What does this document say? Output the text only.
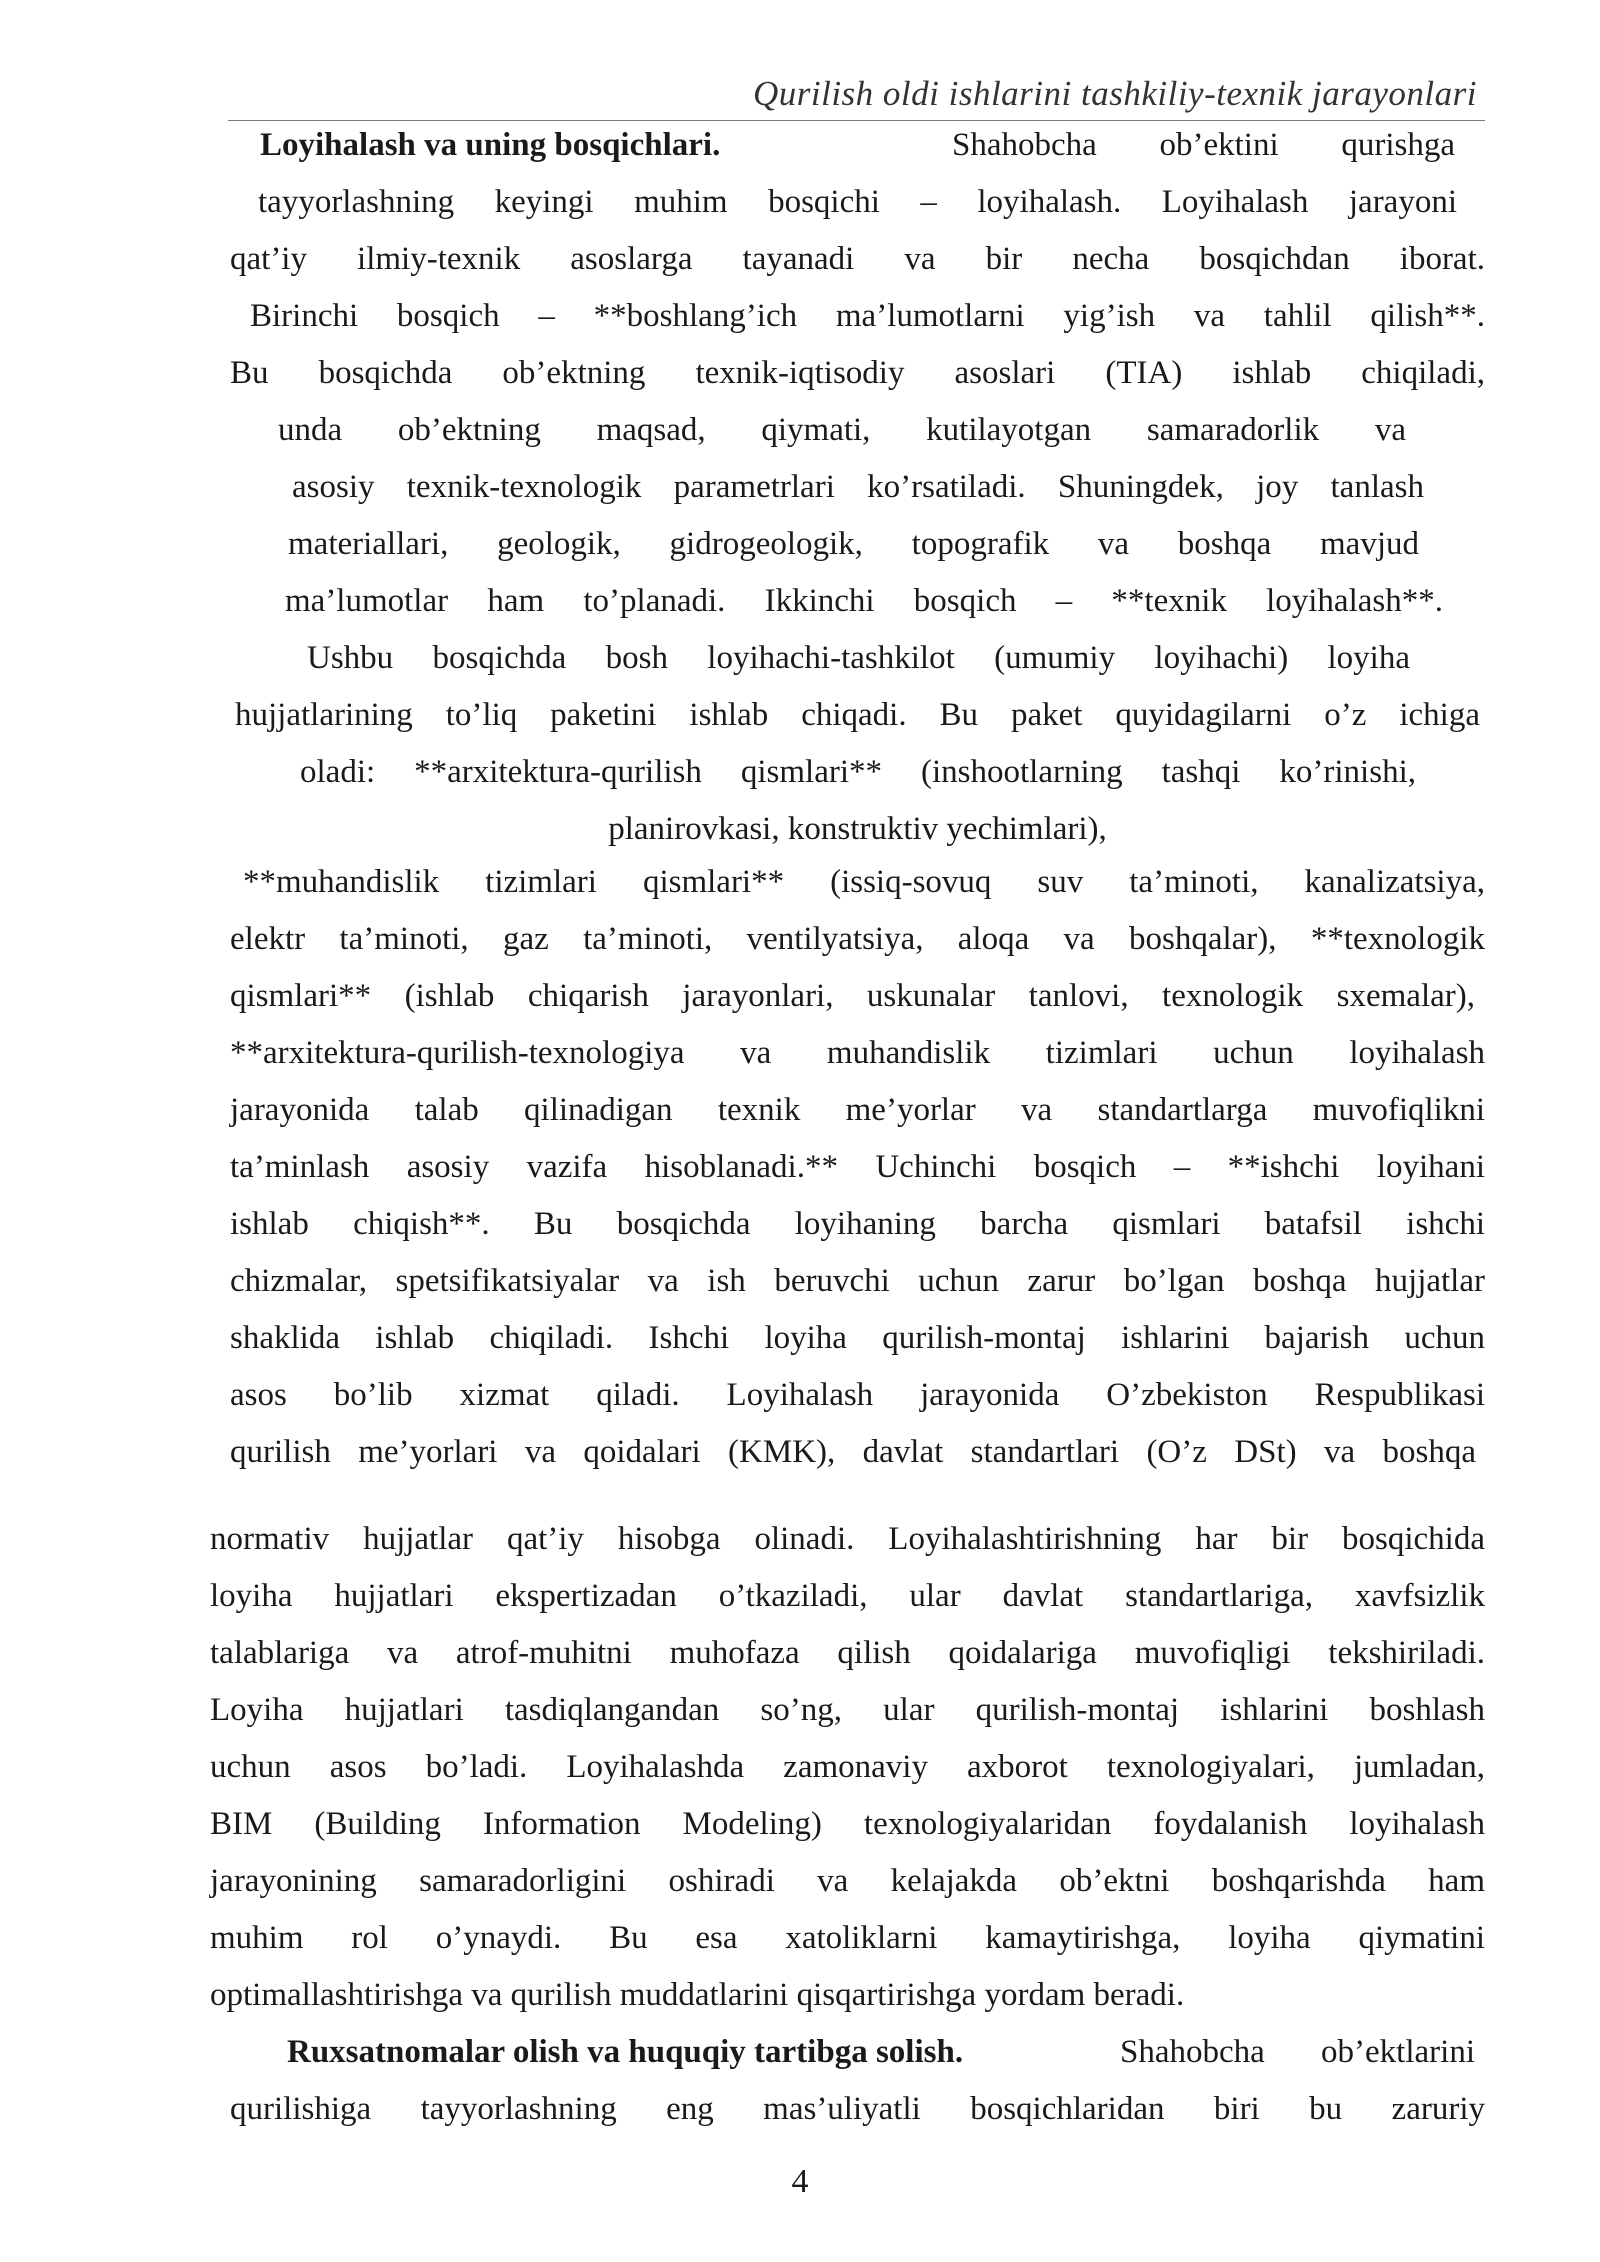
Qurilish oldi ishlarini tashkiliy-texnik jarayonlari
Loyihalash va uning bosqichlari.	Shahobcha ob’ektini qurishga
tayyorlashning keyingi muhim bosqichi – loyihalash. Loyihalash jarayoni
qat’iy ilmiy-texnik asoslarga tayanadi va bir necha bosqichdan iborat.
Birinchi bosqich – **boshlang’ich ma’lumotlarni yig’ish va tahlil qilish**.
Bu bosqichda ob’ektning texnik-iqtisodiy asoslari (TIA) ishlab chiqiladi,
unda ob’ektning maqsad, qiymati, kutilayotgan samaradorlik va
asosiy texnik-texnologik parametrlari ko’rsatiladi. Shuningdek, joy tanlash
materiallari, geologik, gidrogeologik, topografik va boshqa mavjud
ma’lumotlar ham to’planadi. Ikkinchi bosqich – **texnik loyihalash**.
Ushbu bosqichda bosh loyihachi-tashkilot (umumiy loyihachi) loyiha
hujjatlarining to’liq paketini ishlab chiqadi. Bu paket quyidagilarni o’z ichiga
oladi: **arxitektura-qurilish qismlari** (inshootlarning tashqi ko’rinishi,
planirovkasi, konstruktiv yechimlari),
**muhandislik tizimlari qismlari** (issiq-sovuq suv ta’minoti, kanalizatsiya,
elektr ta’minoti, gaz ta’minoti, ventilyatsiya, aloqa va boshqalar), **texnologik
qismlari** (ishlab chiqarish jarayonlari, uskunalar tanlovi, texnologik sxemalar),
**arxitektura-qurilish-texnologiya va muhandislik tizimlari uchun loyihalash
jarayonida talab qilinadigan texnik me’yorlar va standartlarga muvofiqlikni
ta’minlash asosiy vazifa hisoblanadi.** Uchinchi bosqich – **ishchi loyihani
ishlab chiqish**. Bu bosqichda loyihaning barcha qismlari batafsil ishchi
chizmalar, spetsifikatsiyalar va ish beruvchi uchun zarur bo’lgan boshqa hujjatlar
shaklida ishlab chiqiladi. Ishchi loyiha qurilish-montaj ishlarini bajarish uchun
asos bo’lib xizmat qiladi. Loyihalash jarayonida O’zbekiston Respublikasi
qurilish me’yorlari va qoidalari (KMK), davlat standartlari (O’z DSt) va boshqa
normativ hujjatlar qat’iy hisobga olinadi. Loyihalashtirishning har bir bosqichida
loyiha hujjatlari ekspertizadan o’tkaziladi, ular davlat standartlariga, xavfsizlik
talablariga va atrof-muhitni muhofaza qilish qoidalariga muvofiqligi tekshiriladi.
Loyiha hujjatlari tasdiqlangandan so’ng, ular qurilish-montaj ishlarini boshlash
uchun asos bo’ladi. Loyihalashda zamonaviy axborot texnologiyalari, jumladan,
BIM (Building Information Modeling) texnologiyalaridan foydalanish loyihalash
jarayonining samaradorligini oshiradi va kelajakda ob’ektni boshqarishda ham
muhim rol o’ynaydi. Bu esa xatoliklarni kamaytirishga, loyiha qiymatini
optimallashtirishga va qurilish muddatlarini qisqartirishga yordam beradi.
Ruxsatnomalar olish va huquqiy tartibga solish.	Shahobcha ob’ektlarini
qurilishiga tayyorlashning eng mas’uliyatli bosqichlaridan biri bu zaruriy
4
